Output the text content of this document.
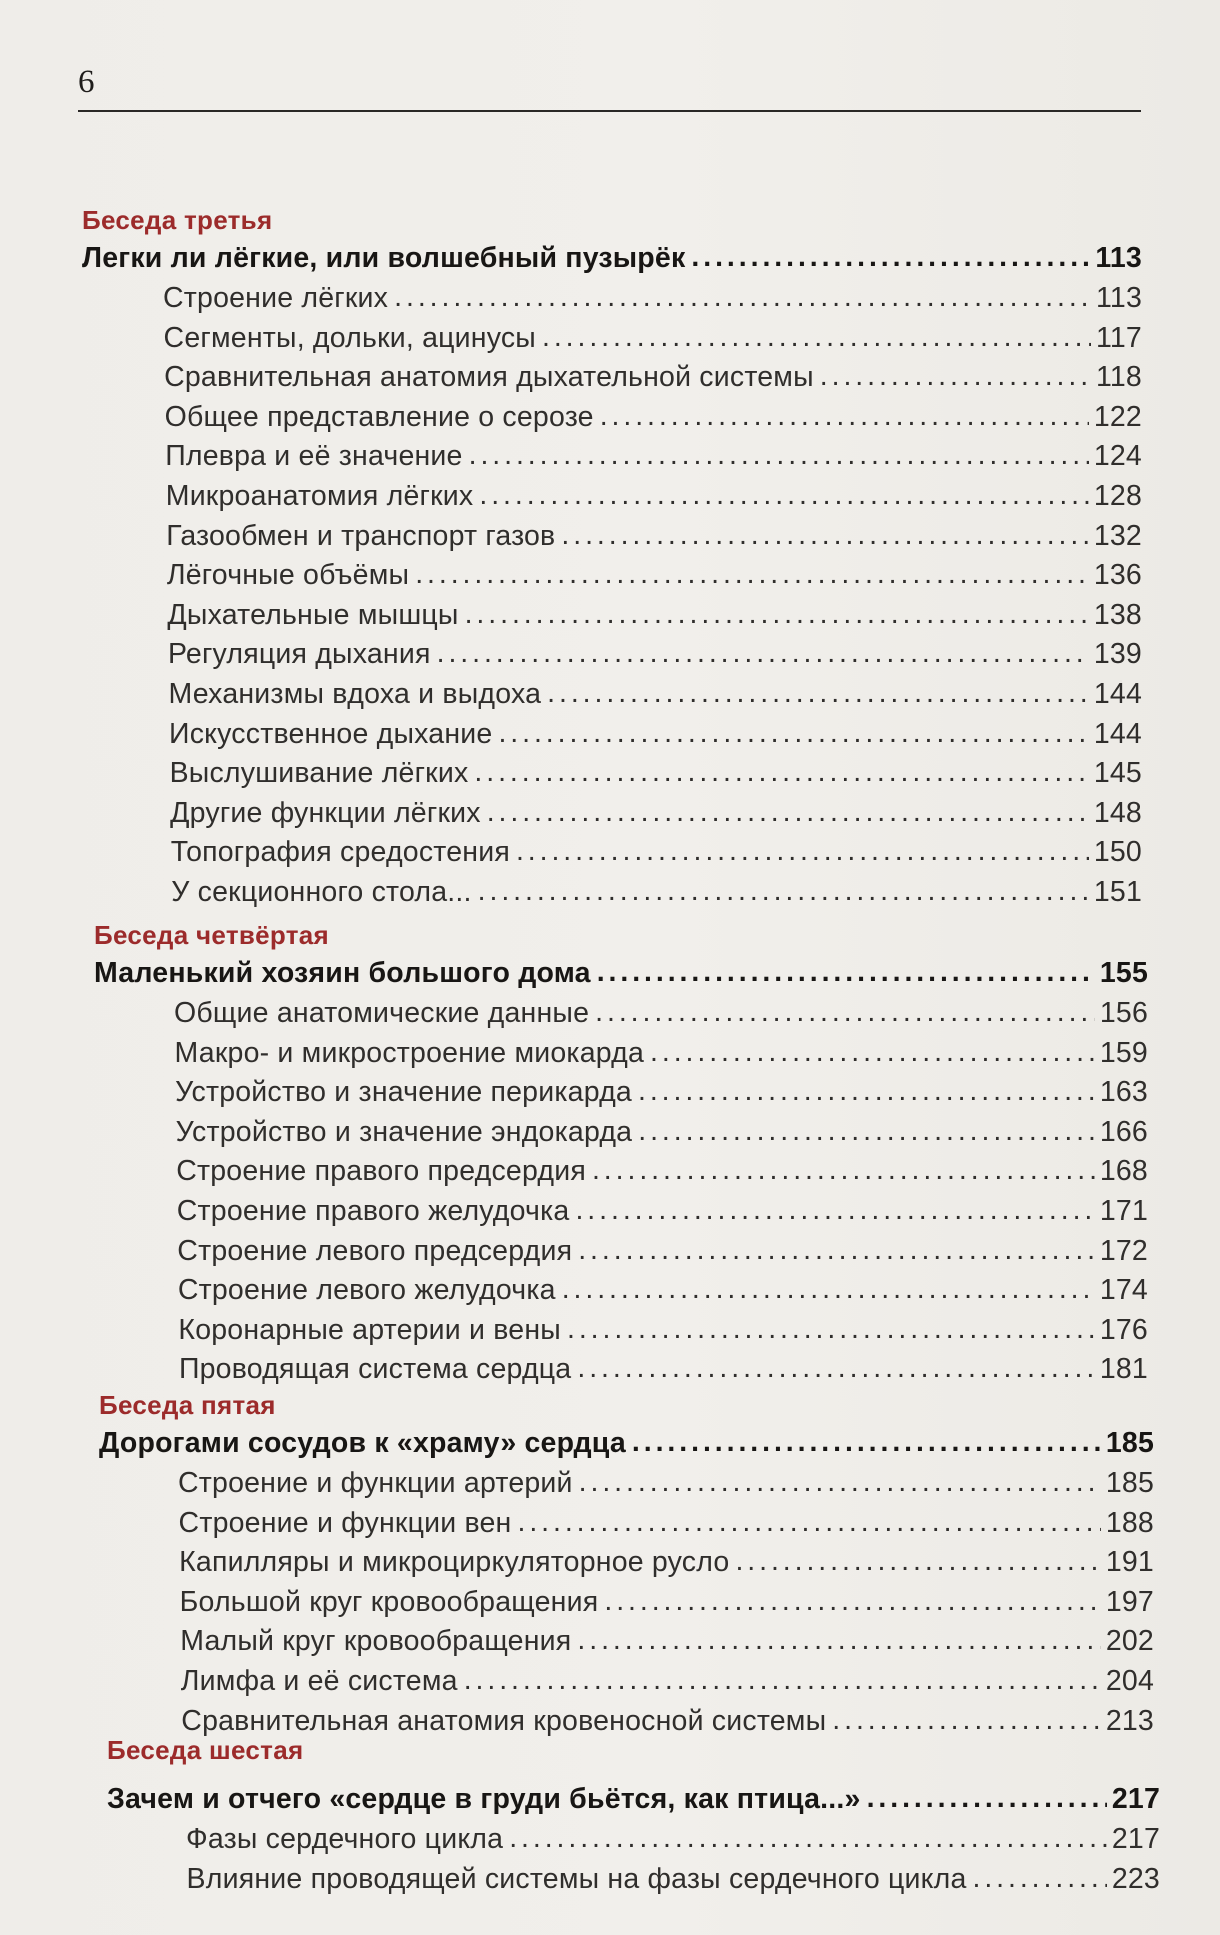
6
Беседа третья
Легки ли лёгкие, или волшебный пузырёк . . .	113
Строение лёгких . . .	113
Сегменты, дольки, ацинусы . . .	117
Сравнительная анатомия дыхательной системы . . .	118
Общее представление о серозе . . .	122
Плевра и её значение . . .	124
Микроанатомия лёгких . . .	128
Газообмен и транспорт газов . . .	132
Лёгочные объёмы . . .	136
Дыхательные мышцы . . .	138
Регуляция дыхания . . .	139
Механизмы вдоха и выдоха . . .	144
Искусственное дыхание . . .	144
Выслушивание лёгких . . .	145
Другие функции лёгких . . .	148
Топография средостения . . .	150
У секционного стола... . . .	151
Беседа четвёртая
Маленький хозяин большого дома . . .	155
Общие анатомические данные . . .	156
Макро- и микростроение миокарда . . .	159
Устройство и значение перикарда . . .	163
Устройство и значение эндокарда . . .	166
Строение правого предсердия . . .	168
Строение правого желудочка . . .	171
Строение левого предсердия . . .	172
Строение левого желудочка . . .	174
Коронарные артерии и вены . . .	176
Проводящая система сердца . . .	181
Беседа пятая
Дорогами сосудов к «храму» сердца . . .	185
Строение и функции артерий . . .	185
Строение и функции вен . . .	188
Капилляры и микроциркуляторное русло . . .	191
Большой круг кровообращения . . .	197
Малый круг кровообращения . . .	202
Лимфа и её система . . .	204
Сравнительная анатомия кровеносной системы . . .	213
Беседа шестая
Зачем и отчего «сердце в груди бьётся, как птица...» . . .	217
Фазы сердечного цикла . . .	217
Влияние проводящей системы на фазы сердечного цикла . . .	223
